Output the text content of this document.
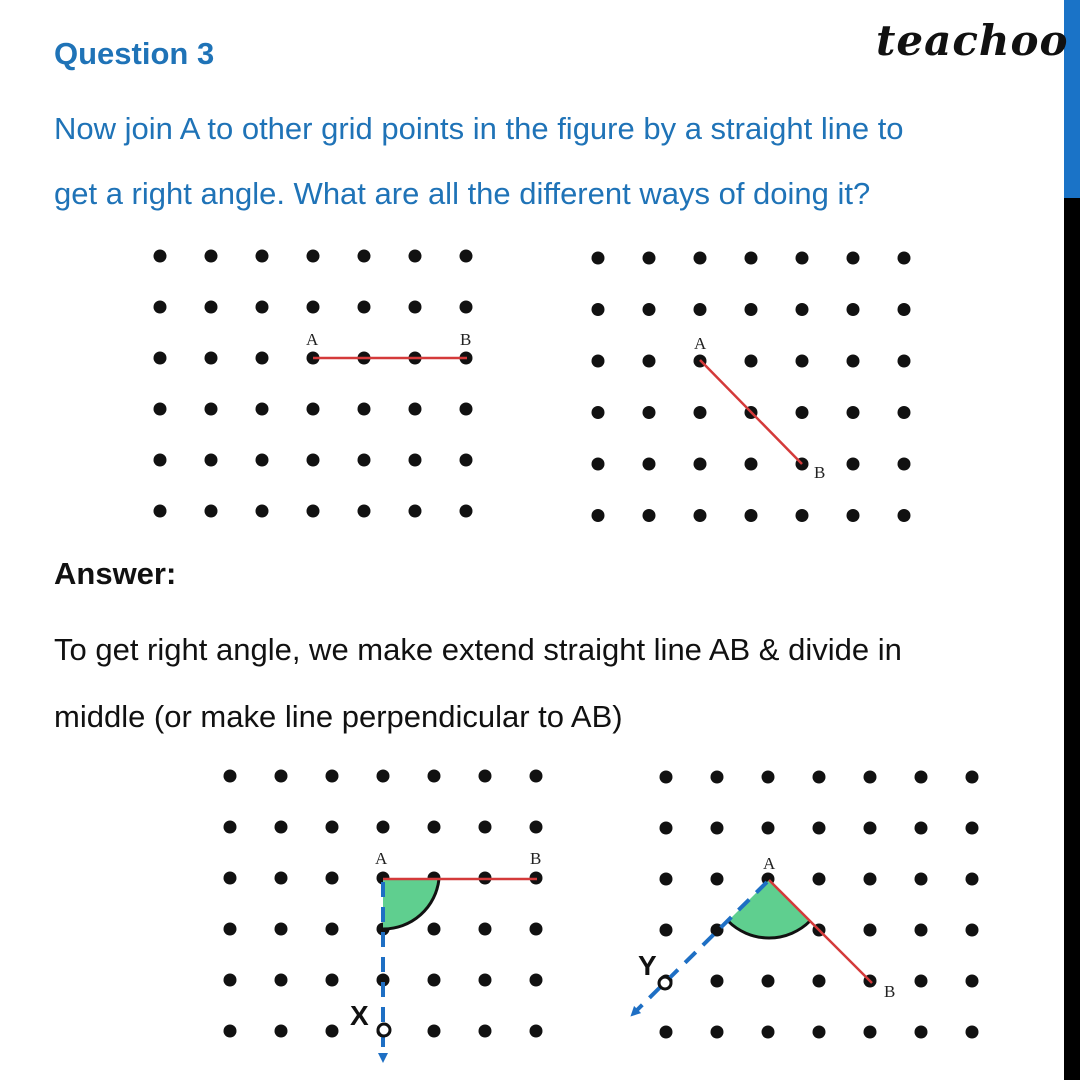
Question 3	teachoo
Now join A to other grid points in the figure by a straight line to
get a right angle. What are all the different ways of doing it?
Answer:
To get right angle, we make extend straight line AB & divide in
middle (or make line perpendicular to AB)
A	B	A
B
A	B
X
A
B
Y
